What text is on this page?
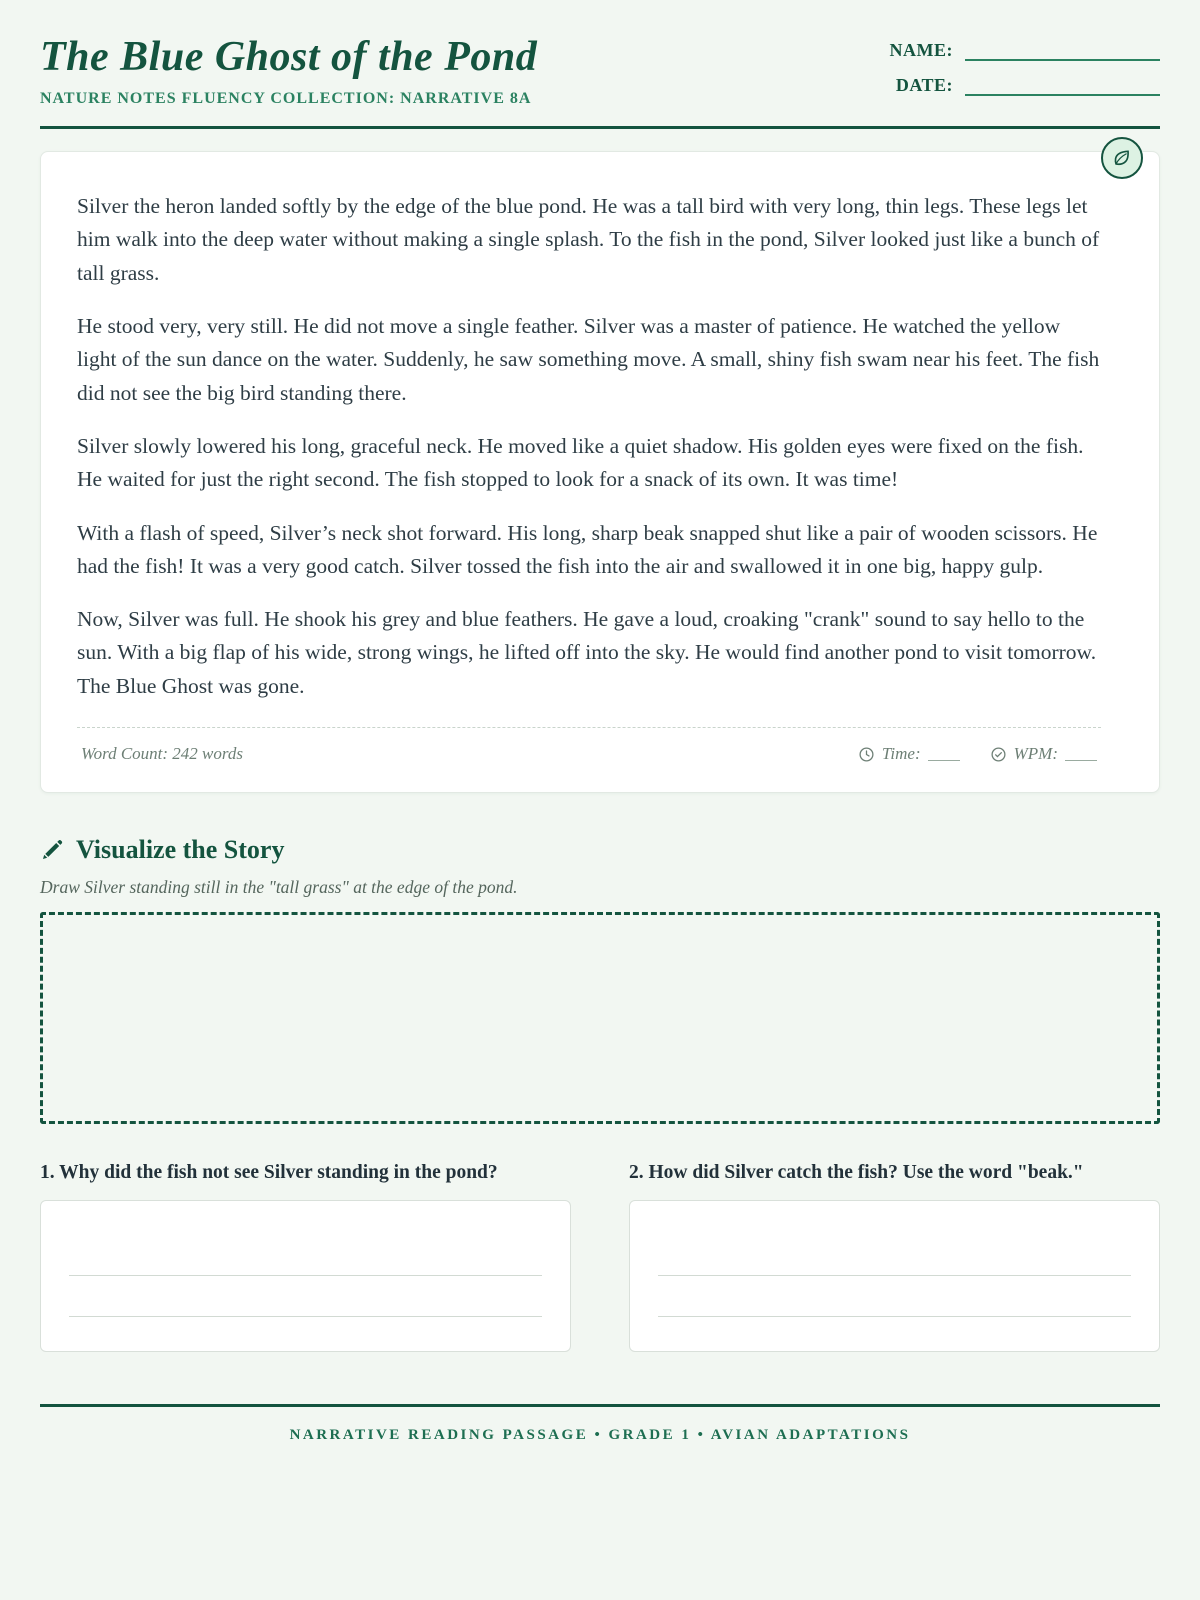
The Blue Ghost of the Pond
NATURE NOTES FLUENCY COLLECTION: NARRATIVE 8A
NAME:
DATE:

Silver the heron landed softly by the edge of the blue pond. He was a tall bird with very long, thin legs. These legs let him walk into the deep water without making a single splash. To the fish in the pond, Silver looked just like a bunch of tall grass.

He stood very, very still. He did not move a single feather. Silver was a master of patience. He watched the yellow light of the sun dance on the water. Suddenly, he saw something move. A small, shiny fish swam near his feet. The fish did not see the big bird standing there.

Silver slowly lowered his long, graceful neck. He moved like a quiet shadow. His golden eyes were fixed on the fish. He waited for just the right second. The fish stopped to look for a snack of its own. It was time!

With a flash of speed, Silver’s neck shot forward. His long, sharp beak snapped shut like a pair of wooden scissors. He had the fish! It was a very good catch. Silver tossed the fish into the air and swallowed it in one big, happy gulp.

Now, Silver was full. He shook his grey and blue feathers. He gave a loud, croaking "crank" sound to say hello to the sun. With a big flap of his wide, strong wings, he lifted off into the sky. He would find another pond to visit tomorrow. The Blue Ghost was gone.

Word Count: 242 words	Time:	WPM:
Visualize the Story

Draw Silver standing still in the "tall grass" at the edge of the pond.

1. Why did the fish not see Silver standing in the pond?	2. How did Silver catch the fish? Use the word "beak."

NARRATIVE READING PASSAGE • GRADE 1 • AVIAN ADAPTATIONS
